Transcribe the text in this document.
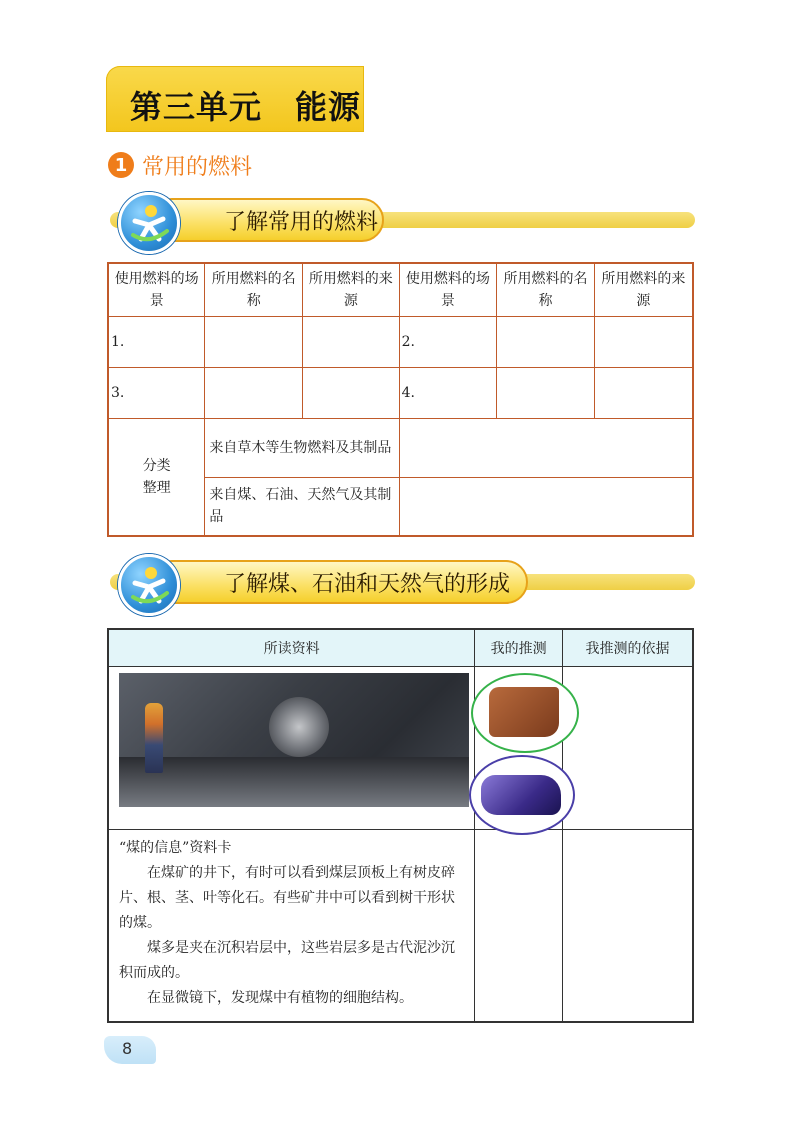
第三单元　能源
1 常用的燃料
了解常用的燃料
使用燃料的场景	所用燃料的名称	所用燃料的来源	使用燃料的场景	所用燃料的名称	所用燃料的来源
1.			2.		
3.			4.		
分类整理	来自草木等生物燃料及其制品				
	来自煤、石油、天然气及其制品				
了解煤、石油和天然气的形成
所读资料	我的推测	我推测的依据

“煤的信息”资料卡

在煤矿的井下，有时可以看到煤层顶板上有树皮碎片、根、茎、叶等化石。有些矿井中可以看到树干形状的煤。

煤多是夹在沉积岩层中，这些岩层多是古代泥沙沉积而成的。

在显微镜下，发现煤中有植物的细胞结构。		

8
